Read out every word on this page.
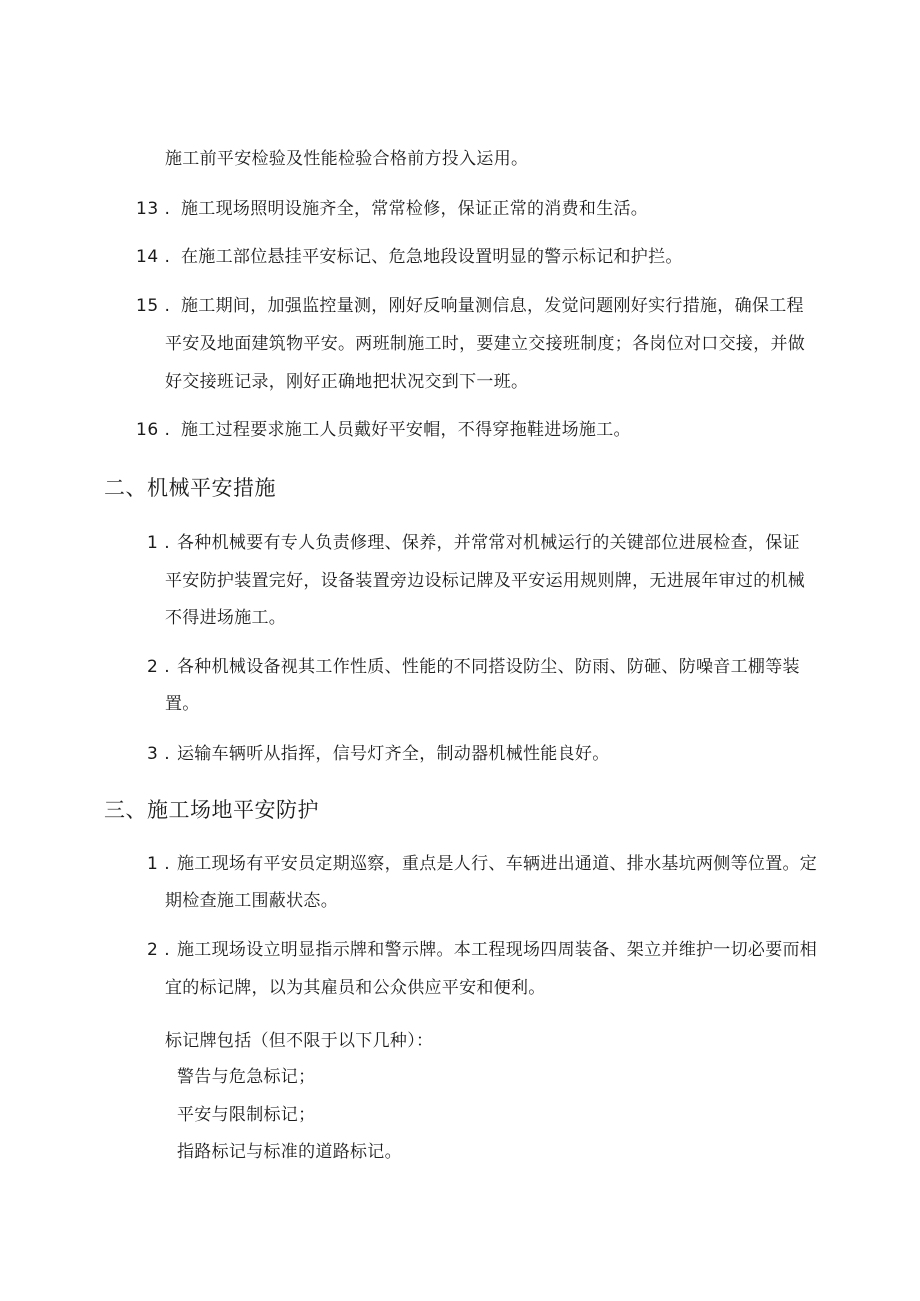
施工前平安检验及性能检验合格前方投入运用。
13 . 施工现场照明设施齐全，常常检修，保证正常的消费和生活。
14 . 在施工部位悬挂平安标记、危急地段设置明显的警示标记和护拦。
15 . 施工期间，加强监控量测，刚好反响量测信息，发觉问题刚好实行措施，确保工程
平安及地面建筑物平安。两班制施工时，要建立交接班制度；各岗位对口交接，并做
好交接班记录，刚好正确地把状况交到下一班。
16 . 施工过程要求施工人员戴好平安帽，不得穿拖鞋进场施工。
二、机械平安措施
1 . 各种机械要有专人负责修理、保养，并常常对机械运行的关键部位进展检查，保证
平安防护装置完好，设备装置旁边设标记牌及平安运用规则牌，无进展年审过的机械
不得进场施工。
2 . 各种机械设备视其工作性质、性能的不同搭设防尘、防雨、防砸、防噪音工棚等装
置。
3 . 运输车辆听从指挥，信号灯齐全，制动器机械性能良好。
三、施工场地平安防护
1 . 施工现场有平安员定期巡察，重点是人行、车辆进出通道、排水基坑两侧等位置。定
期检查施工围蔽状态。
2 . 施工现场设立明显指示牌和警示牌。本工程现场四周装备、架立并维护一切必要而相
宜的标记牌，以为其雇员和公众供应平安和便利。
标记牌包括（但不限于以下几种）：
警告与危急标记；
平安与限制标记；
指路标记与标准的道路标记。
